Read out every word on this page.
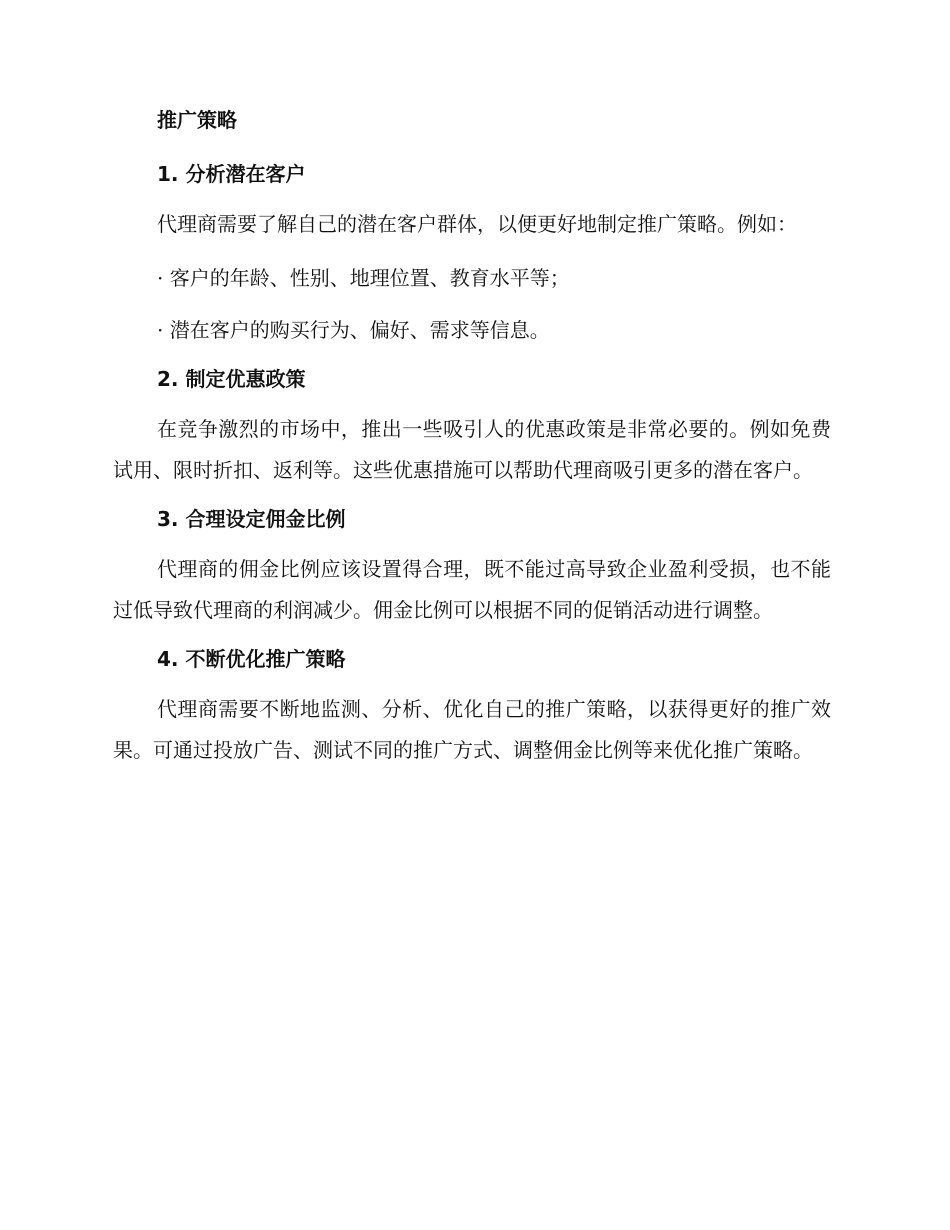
推广策略
1. 分析潜在客户

代理商需要了解自己的潜在客户群体，以便更好地制定推广策略。例如：

· 客户的年龄、性别、地理位置、教育水平等；

· 潜在客户的购买行为、偏好、需求等信息。

2. 制定优惠政策

在竞争激烈的市场中，推出一些吸引人的优惠政策是非常必要的。例如免费试用、限时折扣、返利等。这些优惠措施可以帮助代理商吸引更多的潜在客户。

3. 合理设定佣金比例

代理商的佣金比例应该设置得合理，既不能过高导致企业盈利受损，也不能过低导致代理商的利润减少。佣金比例可以根据不同的促销活动进行调整。

4. 不断优化推广策略

代理商需要不断地监测、分析、优化自己的推广策略，以获得更好的推广效果。可通过投放广告、测试不同的推广方式、调整佣金比例等来优化推广策略。
